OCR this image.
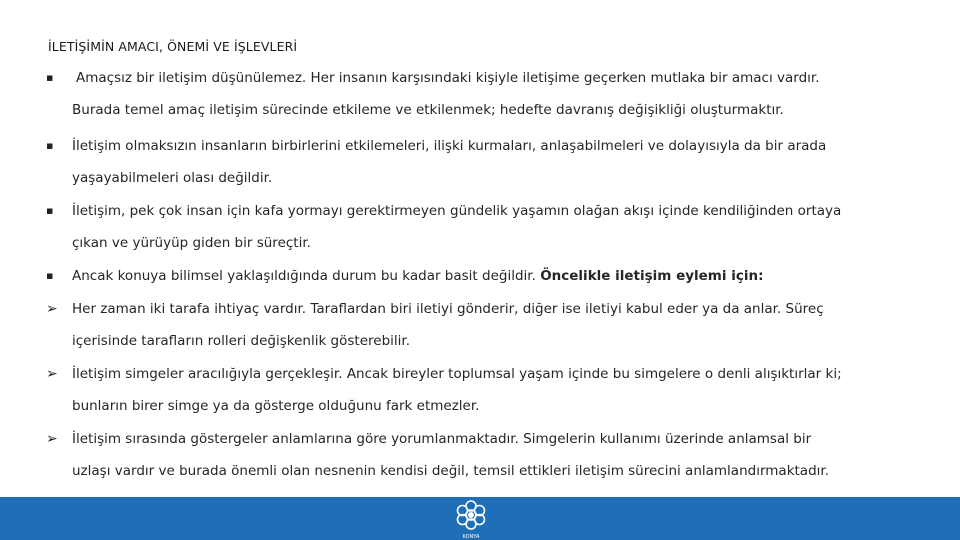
İLETİŞİMİN AMACI, ÖNEMİ VE İŞLEVLERİ
▪	Amaçsız bir iletişim düşünülemez. Her insanın karşısındaki kişiyle iletişime geçerken mutlaka bir amacı vardır.
Burada temel amaç iletişim sürecinde etkileme ve etkilenmek; hedefte davranış değişikliği oluşturmaktır.
▪	İletişim olmaksızın insanların birbirlerini etkilemeleri, ilişki kurmaları, anlaşabilmeleri ve dolayısıyla da bir arada
yaşayabilmeleri olası değildir.
▪	İletişim, pek çok insan için kafa yormayı gerektirmeyen gündelik yaşamın olağan akışı içinde kendiliğinden ortaya
çıkan ve yürüyüp giden bir süreçtir.
▪	Ancak konuya bilimsel yaklaşıldığında durum bu kadar basit değildir. Öncelikle iletişim eylemi için:
➢	Her zaman iki tarafa ihtiyaç vardır. Taraflardan biri iletiyi gönderir, diğer ise iletiyi kabul eder ya da anlar. Süreç
içerisinde tarafların rolleri değişkenlik gösterebilir.
➢	İletişim simgeler aracılığıyla gerçekleşir. Ancak bireyler toplumsal yaşam içinde bu simgelere o denli alışıktırlar ki;
bunların birer simge ya da gösterge olduğunu fark etmezler.
➢	İletişim sırasında göstergeler anlamlarına göre yorumlanmaktadır. Simgelerin kullanımı üzerinde anlamsal bir
uzlaşı vardır ve burada önemli olan nesnenin kendisi değil, temsil ettikleri iletişim sürecini anlamlandırmaktadır.
KONYA
